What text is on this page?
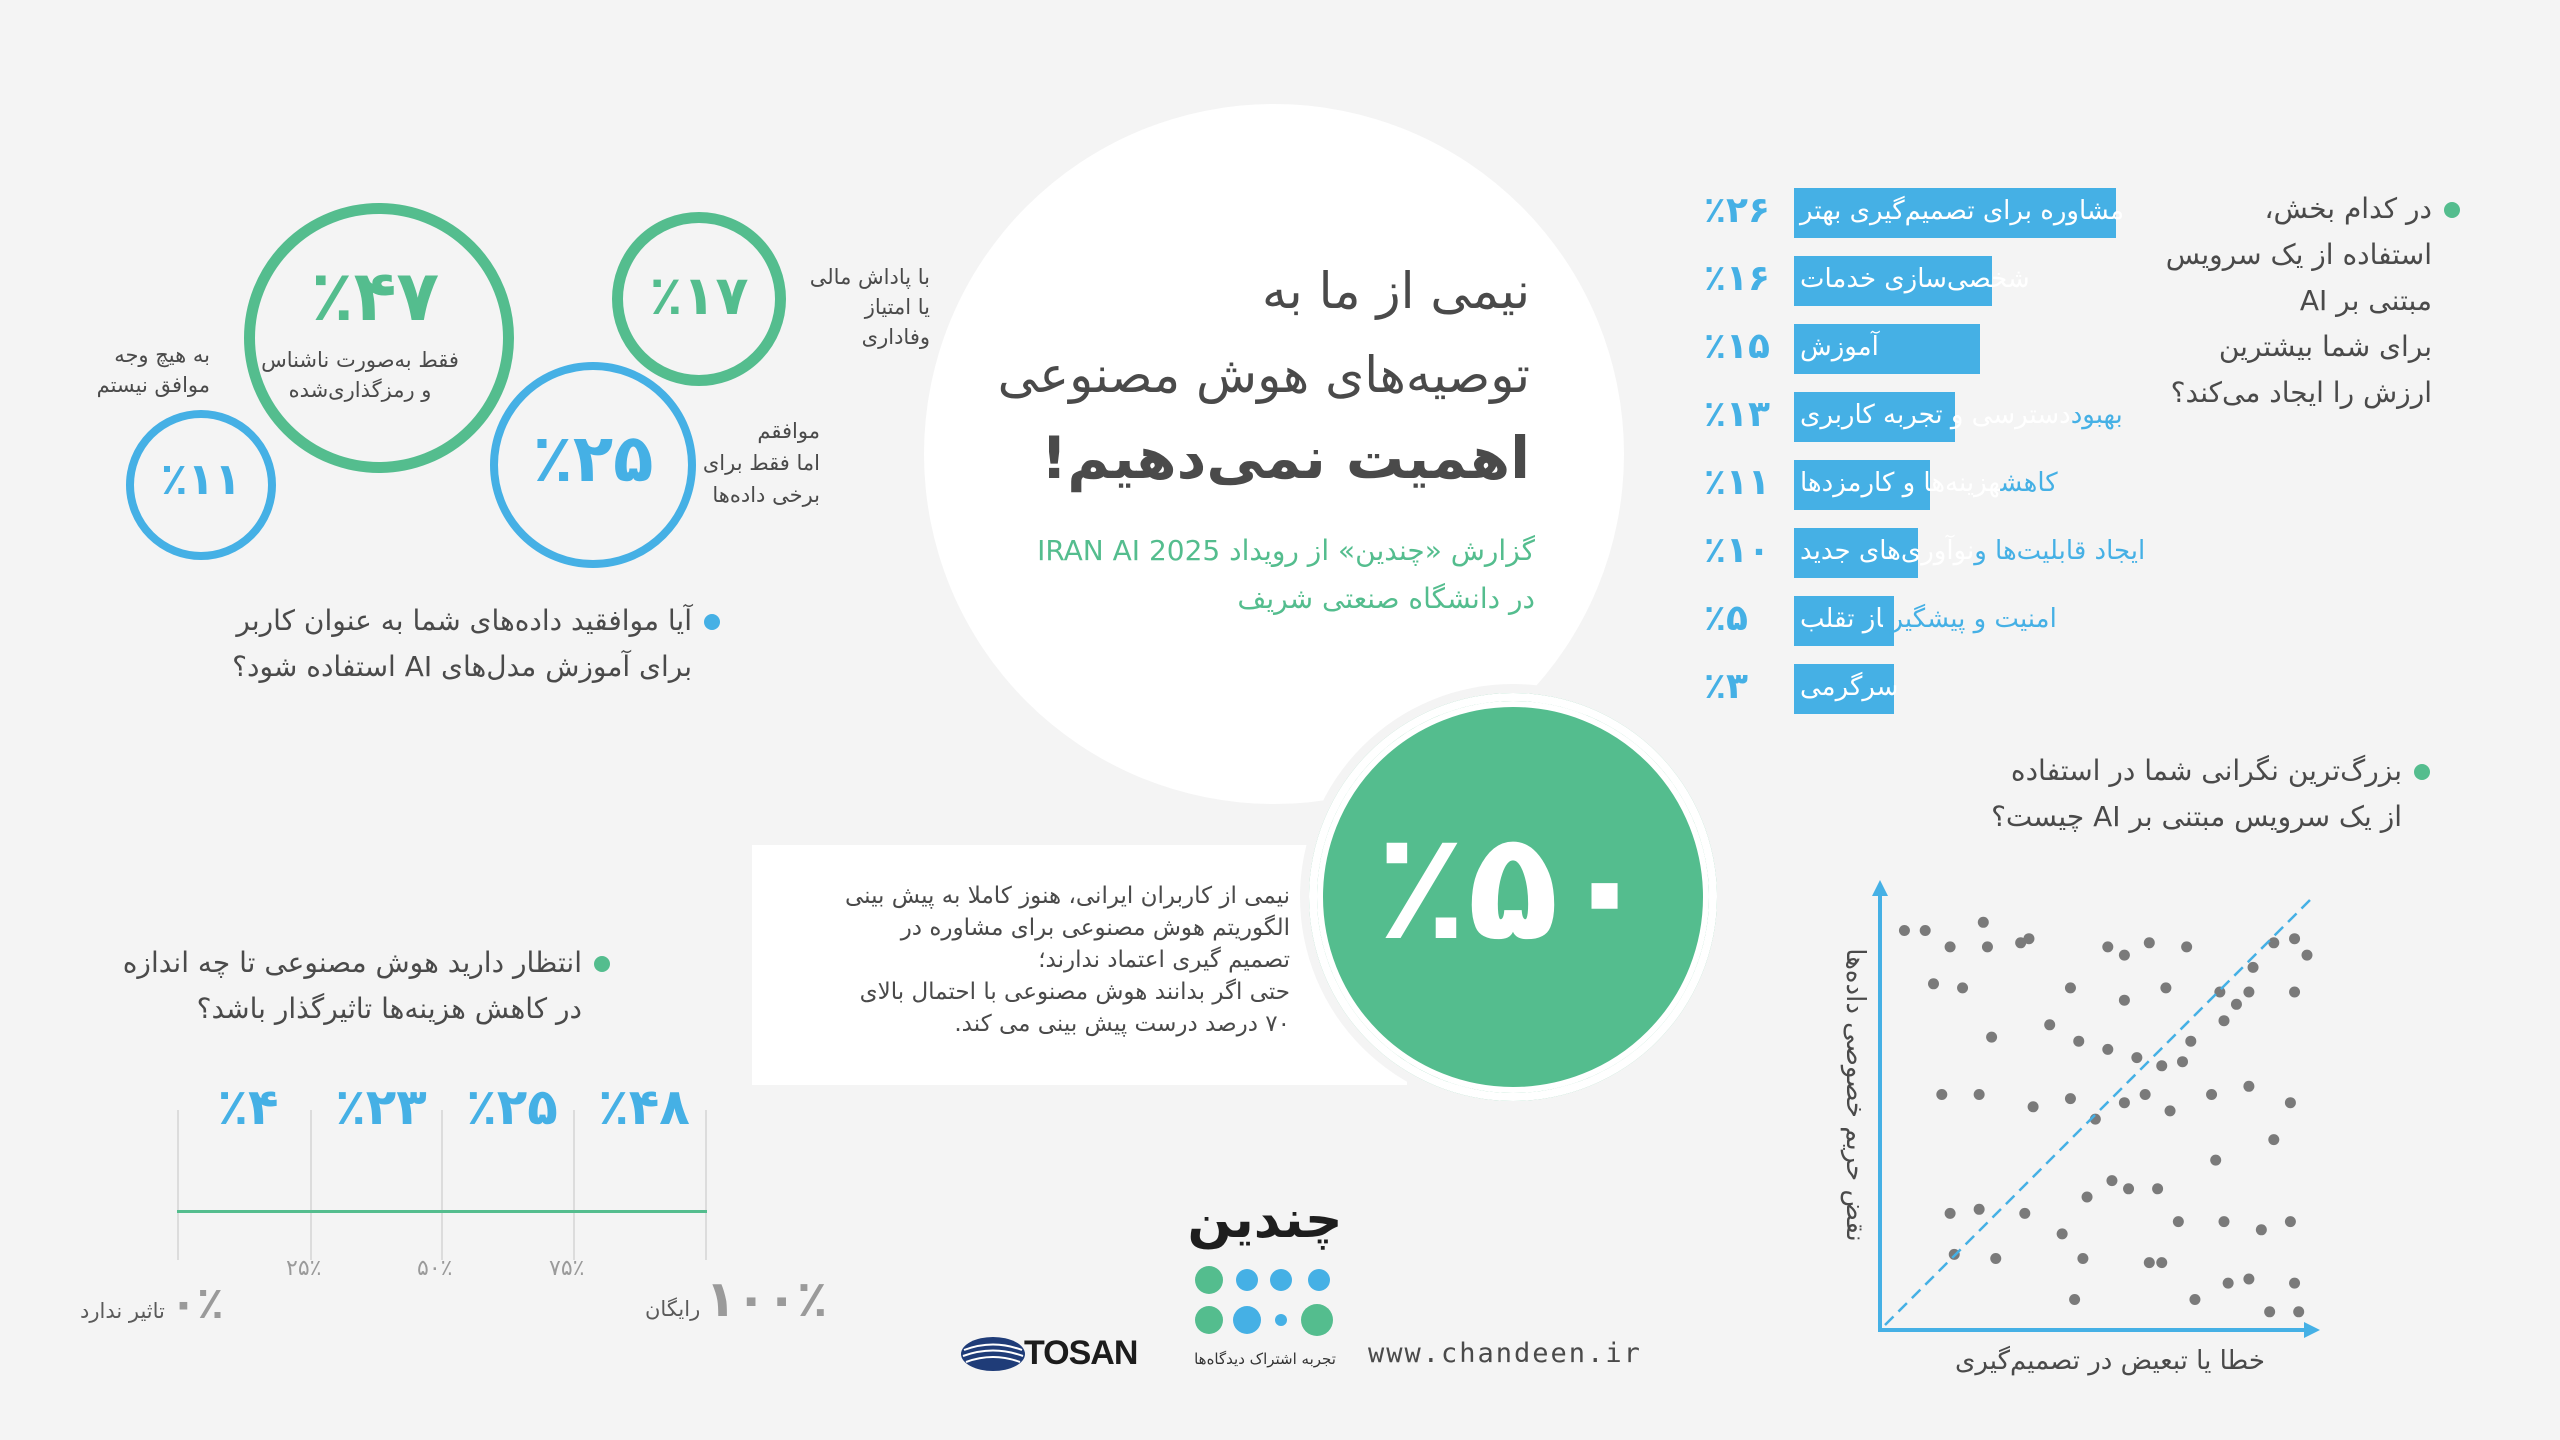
نیمی از ما به
توصیه‌های هوش مصنوعی
اهمیت نمی‌دهیم!
گزارش «چندین» از رویداد IRAN AI 2025
در دانشگاه صنعتی شریف
نیمی از کاربران ایرانی، هنوز کاملا به پیش بینی
الگوریتم هوش مصنوعی برای مشاوره در
تصمیم گیری اعتماد ندارند؛
حتی اگر بدانند هوش مصنوعی با احتمال بالای
۷۰ درصد درست پیش بینی می کند.
٪۵۰
٪۴۷
فقط به‌صورت ناشناس
و رمزگذاری‌شده
٪۱۷	با پاداش مالی
یا امتیاز وفاداری
٪۲۵	موافقم
اما فقط برای
برخی داده‌ها
٪۱۱
به هیچ وجه
موافق نیستم
آیا موافقید داده‌های شما به عنوان کاربر
برای آموزش مدل‌های AI استفاده شود؟
در کدام بخش،
استفاده از یک سرویس
مبتنی بر AI
برای شما بیشترین
ارزش را ایجاد می‌کند؟
مشاوره برای تصمیم‌گیری بهتر
٪۲۶
شخصی‌سازی خدمات
٪۱۶
آموزش
٪۱۵
بهبوددسترسی و تجربه کاربری
٪۱۳
کاهشهزینه‌ها و کارمزدها
٪۱۱
ایجاد قابلیت‌ها ونوآوری‌های جدید
٪۱۰
امنیت و پیشگیریاز تقلب
٪۵
سرگرمی
٪۳
انتظار دارید هوش مصنوعی تا چه اندازه
در کاهش هزینه‌ها تاثیرگذار باشد؟
٪۴	٪۲۳ ٪۲۵ ٪۴۸
۲۵٪	۵۰٪	۷۵٪
۰٪ تاثیر ندارد	۱۰۰٪ رایگان
بزرگ‌ترین نگرانی شما در استفاده
از یک سرویس مبتنی بر AI چیست؟
نقض حریم خصوصی داده‌ها
خطا یا تبعیض در تصمیم‌گیری
چندین
تجربه اشتراک دیدگاه‌ها	www.chandeen.ir
TOSAN
